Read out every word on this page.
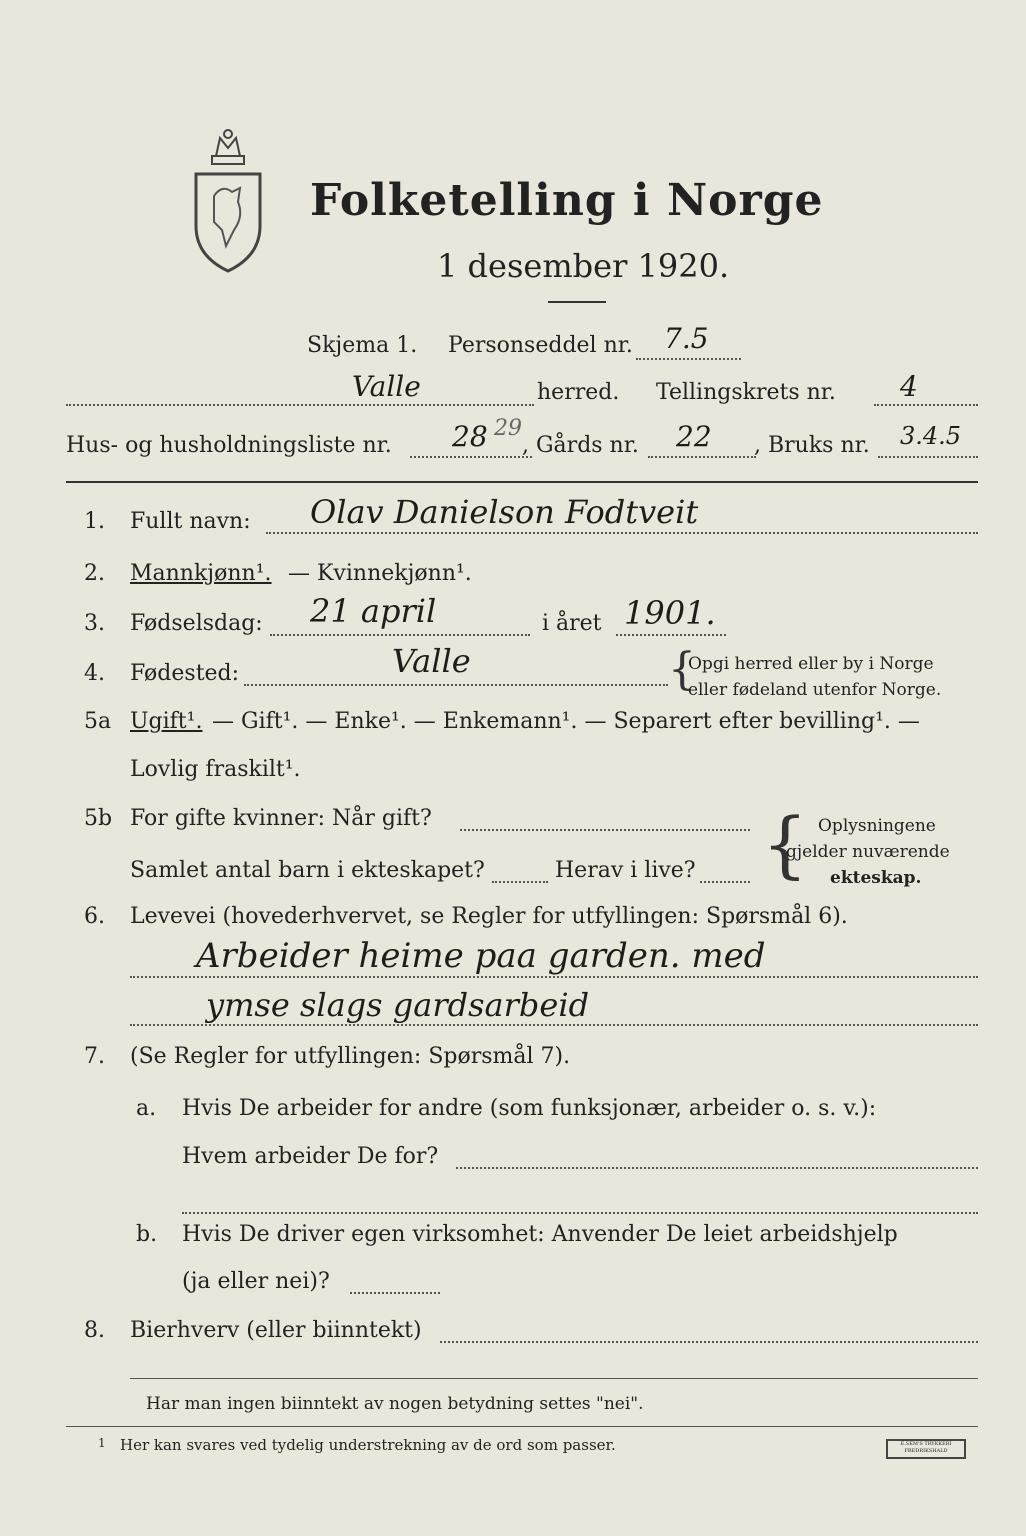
Folketelling i Norge
1 desember 1920.
Skjema 1. Personseddel nr. 7.5
Valle	herred. Tellingskrets nr. 4
Hus- og husholdningsliste nr. 28 29
, Gårds nr. 22 , Bruks nr. 3.4.5
1. Fullt navn: Olav Danielson Fodtveit
2. Mannkjønn¹. — Kvinnekjønn¹.
3. Fødselsdag: 21 april	i året 1901.
4. Fødested:	Valle	{
Opgi herred eller by i Norge
eller fødeland utenfor Norge.
5a Ugift¹. — Gift¹. — Enke¹. — Enkemann¹. — Separert efter bevilling¹. —
Lovlig fraskilt¹.
5b For gifte kvinner: Når gift?
Samlet antal barn i ekteskapet?	Herav i live? { Oplysningene
gjelder nuværende
ekteskap.
6. Levevei (hovederhvervet, se Regler for utfyllingen: Spørsmål 6).
Arbeider heime paa garden. med
ymse slags gardsarbeid
7. (Se Regler for utfyllingen: Spørsmål 7).
a. Hvis De arbeider for andre (som funksjonær, arbeider o. s. v.):
Hvem arbeider De for?
b. Hvis De driver egen virksomhet: Anvender De leiet arbeidshjelp
(ja eller nei)?
8. Bierhverv (eller biinntekt)
Har man ingen biinntekt av nogen betydning settes "nei".
1 Her kan svares ved tydelig understrekning av de ord som passer.	E.SEM'S TRYKKERI FREDRIKSHALD
